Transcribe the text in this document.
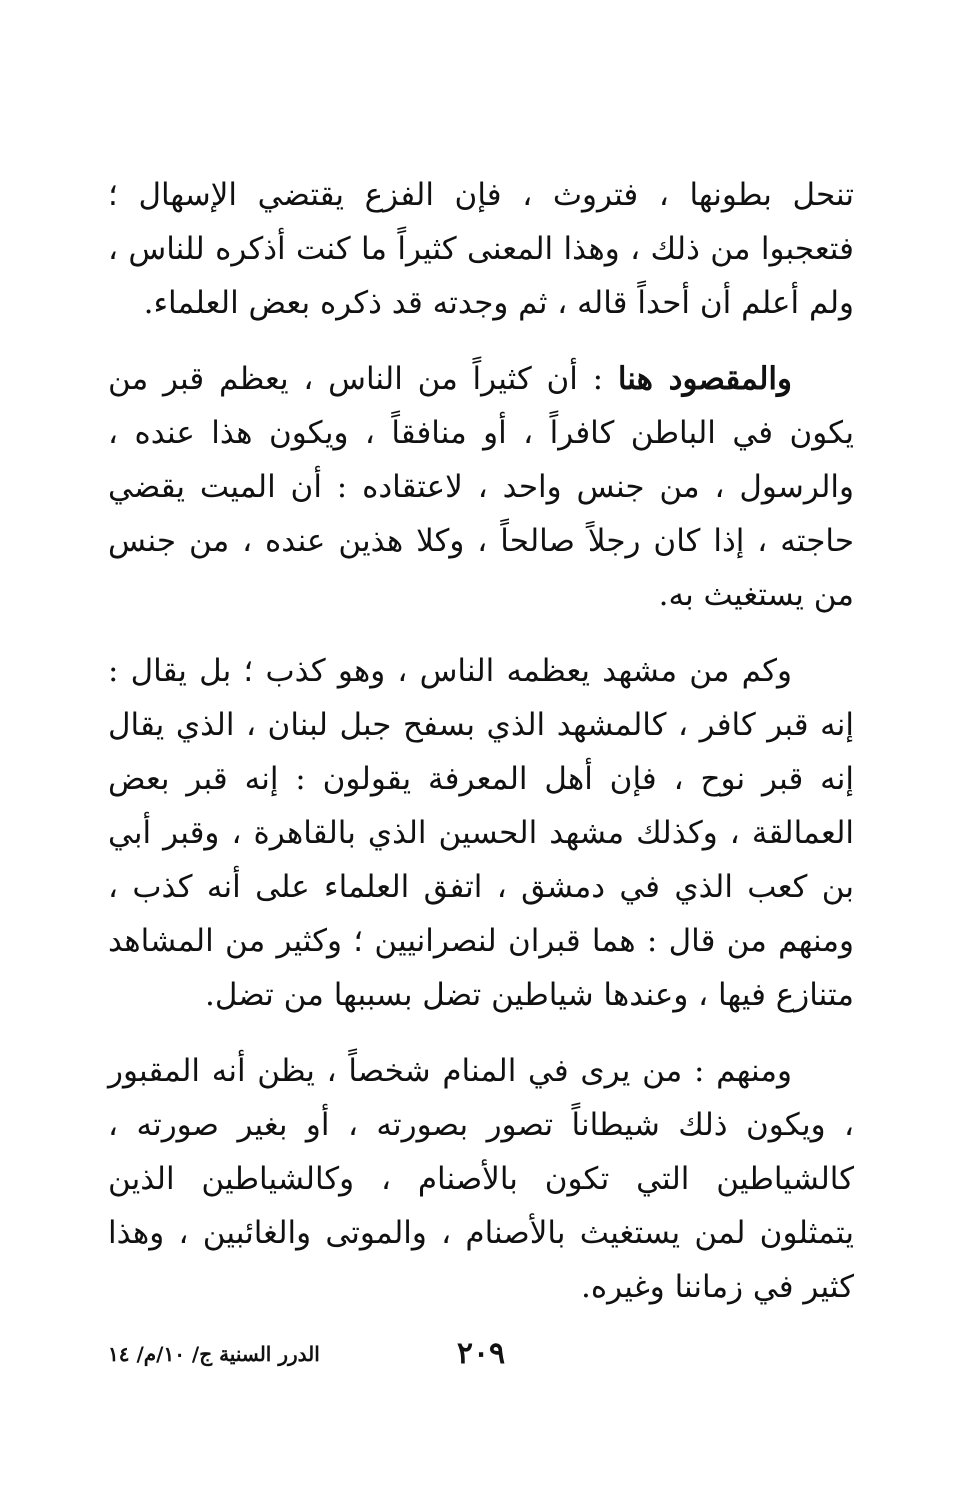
تنحل بطونها ، فتروث ، فإن الفزع يقتضي الإسهال ؛ فتعجبوا من ذلك ، وهذا المعنى كثيراً ما كنت أذكره للناس ، ولم أعلم أن أحداً قاله ، ثم وجدته قد ذكره بعض العلماء.

والمقصود هنا : أن كثيراً من الناس ، يعظم قبر من يكون في الباطن كافراً ، أو منافقاً ، ويكون هذا عنده ، والرسول ، من جنس واحد ، لاعتقاده : أن الميت يقضي حاجته ، إذا كان رجلاً صالحاً ، وكلا هذين عنده ، من جنس من يستغيث به.

وكم من مشهد يعظمه الناس ، وهو كذب ؛ بل يقال : إنه قبر كافر ، كالمشهد الذي بسفح جبل لبنان ، الذي يقال إنه قبر نوح ، فإن أهل المعرفة يقولون : إنه قبر بعض العمالقة ، وكذلك مشهد الحسين الذي بالقاهرة ، وقبر أبي بن كعب الذي في دمشق ، اتفق العلماء على أنه كذب ، ومنهم من قال : هما قبران لنصرانيين ؛ وكثير من المشاهد متنازع فيها ، وعندها شياطين تضل بسببها من تضل.

ومنهم : من يرى في المنام شخصاً ، يظن أنه المقبور ، ويكون ذلك شيطاناً تصور بصورته ، أو بغير صورته ، كالشياطين التي تكون بالأصنام ، وكالشياطين الذين يتمثلون لمن يستغيث بالأصنام ، والموتى والغائبين ، وهذا كثير في زماننا وغيره.

٢٠٩
الدرر السنية ج/ ١٠/م/ ١٤
